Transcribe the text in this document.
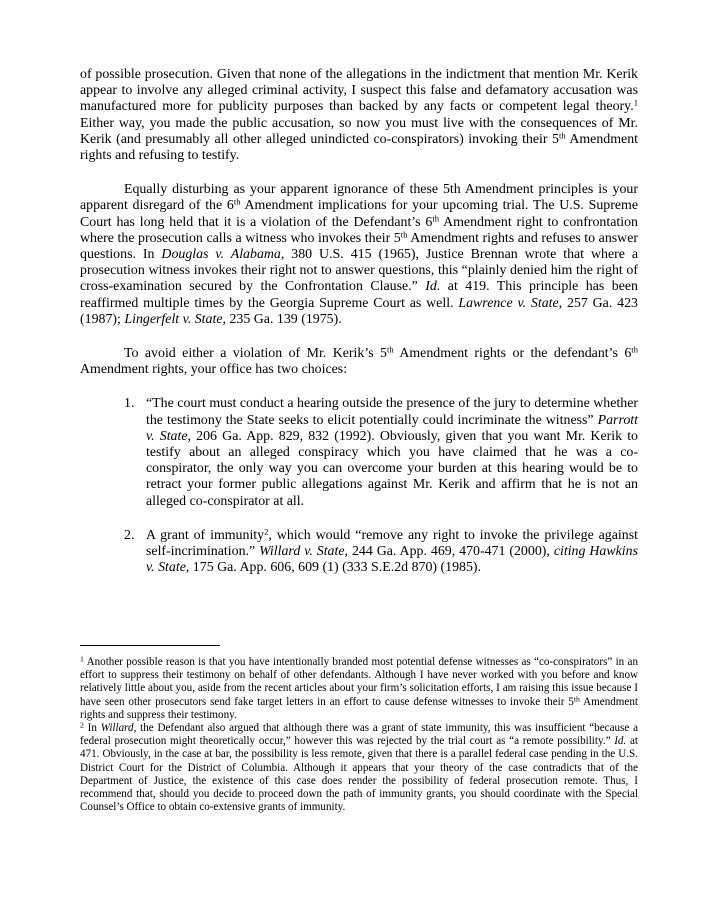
of possible prosecution. Given that none of the allegations in the indictment that mention Mr. Kerik appear to involve any alleged criminal activity, I suspect this false and defamatory accusation was manufactured more for publicity purposes than backed by any facts or competent legal theory.$^1$ Either way, you made the public accusation, so now you must live with the consequences of Mr. Kerik (and presumably all other alleged unindicted co-conspirators) invoking their 5th Amendment rights and refusing to testify.

Equally disturbing as your apparent ignorance of these 5th Amendment principles is your apparent disregard of the 6th Amendment implications for your upcoming trial. The U.S. Supreme Court has long held that it is a violation of the Defendant’s 6th Amendment right to confrontation where the prosecution calls a witness who invokes their 5th Amendment rights and refuses to answer questions. In Douglas v. Alabama, 380 U.S. 415 (1965), Justice Brennan wrote that where a prosecution witness invokes their right not to answer questions, this “plainly denied him the right of cross-examination secured by the Confrontation Clause.” Id. at 419. This principle has been reaffirmed multiple times by the Georgia Supreme Court as well. Lawrence v. State, 257 Ga. 423 (1987); Lingerfelt v. State, 235 Ga. 139 (1975).

To avoid either a violation of Mr. Kerik’s 5th Amendment rights or the defendant’s 6th Amendment rights, your office has two choices:

1. “The court must conduct a hearing outside the presence of the jury to determine whether the testimony the State seeks to elicit potentially could incriminate the witness” Parrott v. State, 206 Ga. App. 829, 832 (1992). Obviously, given that you want Mr. Kerik to testify about an alleged conspiracy which you have claimed that he was a co-conspirator, the only way you can overcome your burden at this hearing would be to retract your former public allegations against Mr. Kerik and affirm that he is not an alleged co-conspirator at all.
2. A grant of immunity$^2$, which would “remove any right to invoke the privilege against self-incrimination.” Willard v. State, 244 Ga. App. 469, 470-471 (2000), citing Hawkins v. State, 175 Ga. App. 606, 609 (1) (333 S.E.2d 870) (1985).

$^1$ Another possible reason is that you have intentionally branded most potential defense witnesses as “co-conspirators” in an effort to suppress their testimony on behalf of other defendants. Although I have never worked with you before and know relatively little about you, aside from the recent articles about your firm’s solicitation efforts, I am raising this issue because I have seen other prosecutors send fake target letters in an effort to cause defense witnesses to invoke their 5th Amendment rights and suppress their testimony.

$^2$ In Willard, the Defendant also argued that although there was a grant of state immunity, this was insufficient “because a federal prosecution might theoretically occur,” however this was rejected by the trial court as “a remote possibility.” Id. at 471. Obviously, in the case at bar, the possibility is less remote, given that there is a parallel federal case pending in the U.S. District Court for the District of Columbia. Although it appears that your theory of the case contradicts that of the Department of Justice, the existence of this case does render the possibility of federal prosecution remote. Thus, I recommend that, should you decide to proceed down the path of immunity grants, you should coordinate with the Special Counsel’s Office to obtain co-extensive grants of immunity.
